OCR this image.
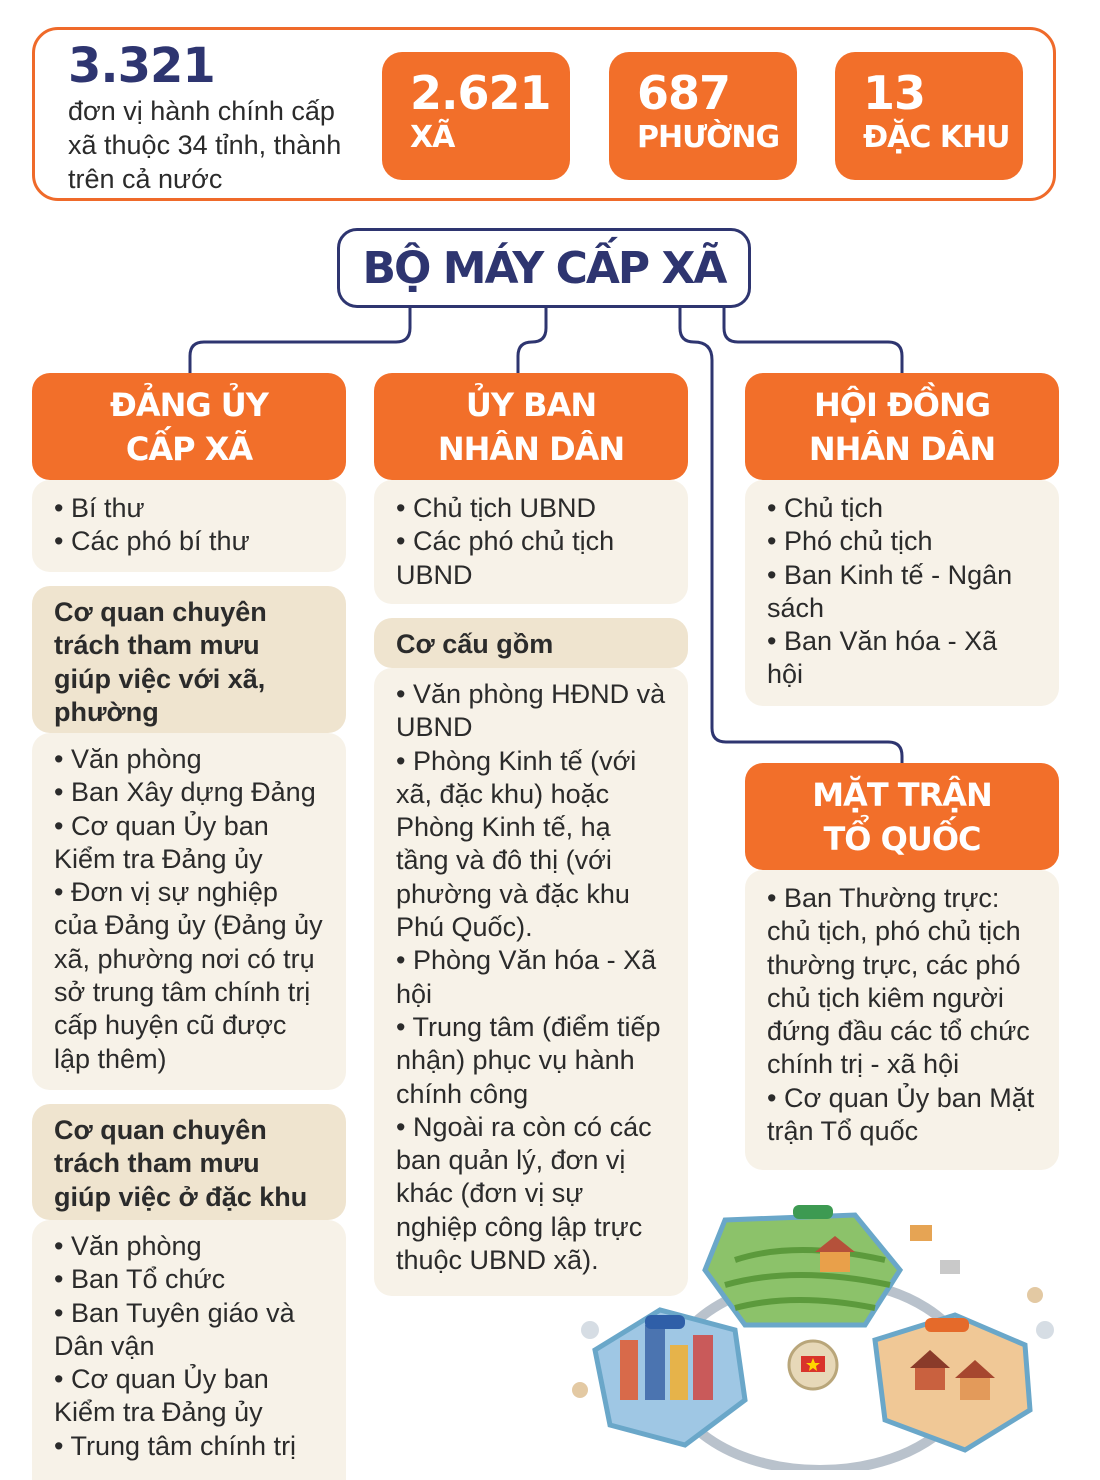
3.321
đơn vị hành chính cấp xã thuộc 34 tỉnh, thành trên cả nước
2.621
XÃ
687
PHƯỜNG
13
ĐẶC KHU
BỘ MÁY CẤP XÃ
ĐẢNG ỦY
CẤP XÃ
• Bí thư
• Các phó bí thư
Cơ quan chuyên trách tham mưu giúp việc với xã, phường
• Văn phòng
• Ban Xây dựng Đảng
• Cơ quan Ủy ban Kiểm tra Đảng ủy
• Đơn vị sự nghiệp của Đảng ủy (Đảng ủy xã, phường nơi có trụ sở trung tâm chính trị cấp huyện cũ được lập thêm)
Cơ quan chuyên trách tham mưu giúp việc ở đặc khu
• Văn phòng
• Ban Tổ chức
• Ban Tuyên giáo và Dân vận
• Cơ quan Ủy ban Kiểm tra Đảng ủy
• Trung tâm chính trị
ỦY BAN
NHÂN DÂN
• Chủ tịch UBND
• Các phó chủ tịch UBND
Cơ cấu gồm
• Văn phòng HĐND và UBND
• Phòng Kinh tế (với xã, đặc khu) hoặc Phòng Kinh tế, hạ tầng và đô thị (với phường và đặc khu Phú Quốc).
• Phòng Văn hóa - Xã hội
• Trung tâm (điểm tiếp nhận) phục vụ hành chính công
• Ngoài ra còn có các ban quản lý, đơn vị khác (đơn vị sự nghiệp công lập trực thuộc UBND xã).
HỘI ĐỒNG
NHÂN DÂN
• Chủ tịch
• Phó chủ tịch
• Ban Kinh tế - Ngân sách
• Ban Văn hóa - Xã hội
MẶT TRẬN
TỔ QUỐC
• Ban Thường trực: chủ tịch, phó chủ tịch thường trực, các phó chủ tịch kiêm người đứng đầu các tổ chức chính trị - xã hội
• Cơ quan Ủy ban Mặt trận Tổ quốc
